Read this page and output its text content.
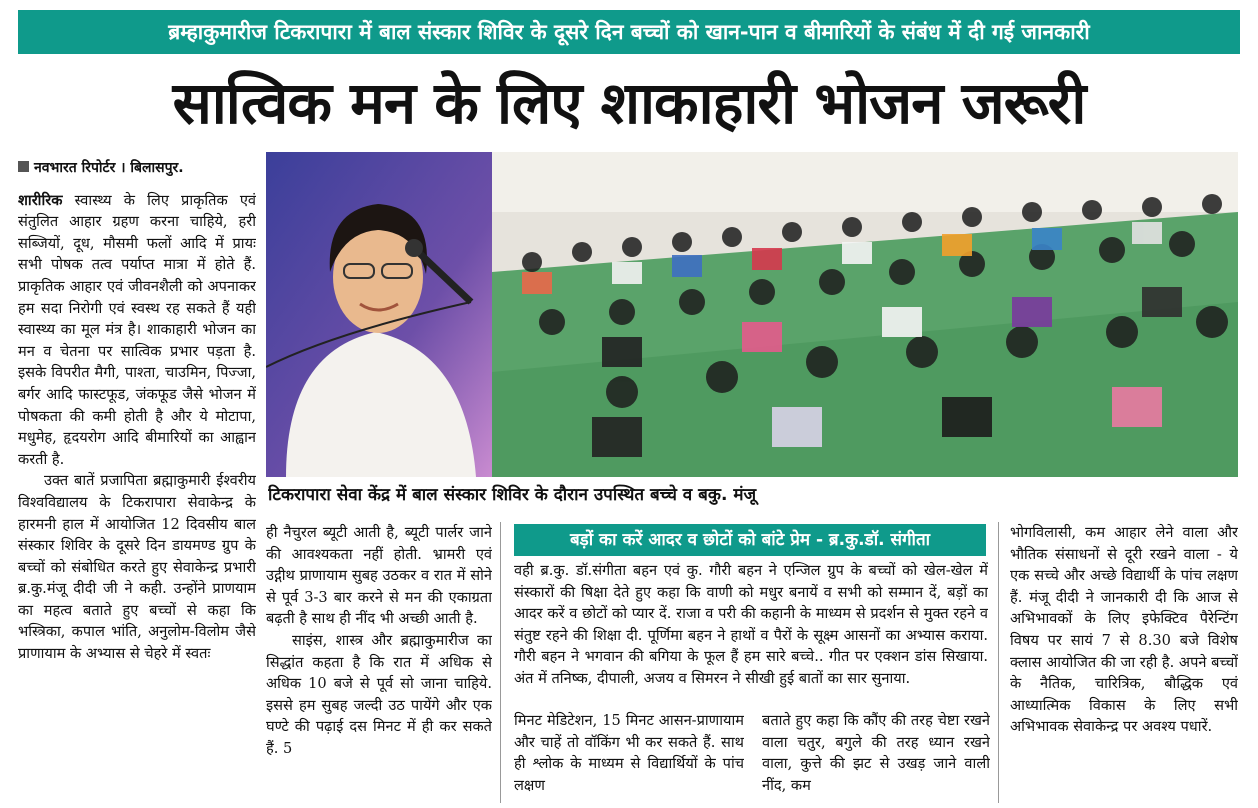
ब्रम्हाकुमारीज टिकरापारा में बाल संस्कार शिविर के दूसरे दिन बच्चों को खान-पान व बीमारियों के संबंध में दी गई जानकारी
सात्विक मन के लिए शाकाहारी भोजन जरूरी
नवभारत रिपोर्टर । बिलासपुर.

शारीरिक स्वास्थ्य के लिए प्राकृतिक एवं संतुलित आहार ग्रहण करना चाहिये, हरी सब्जियों, दूध, मौसमी फलों आदि में प्रायः सभी पोषक तत्व पर्याप्त मात्रा में होते हैं. प्राकृतिक आहार एवं जीवनशैली को अपनाकर हम सदा निरोगी एवं स्वस्थ रह सकते हैं यही स्वास्थ्य का मूल मंत्र है। शाकाहारी भोजन का मन व चेतना पर सात्विक प्रभार पड़ता है. इसके विपरीत मैगी, पाश्ता, चाउमिन, पिज्जा, बर्गर आदि फास्टफूड, जंकफूड जैसे भोजन में पोषकता की कमी होती है और ये मोटापा, मधुमेह, हृदयरोग आदि बीमारियों का आह्वान करती है.

उक्त बातें प्रजापिता ब्रह्माकुमारी ईश्वरीय विश्वविद्यालय के टिकरापारा सेवाकेन्द्र के हारमनी हाल में आयोजित 12 दिवसीय बाल संस्कार शिविर के दूसरे दिन डायमण्ड ग्रुप के बच्चों को संबोधित करते हुए सेवाकेन्द्र प्रभारी ब्र.कु.मंजू दीदी जी ने कही. उन्होंने प्राणयाम का महत्व बताते हुए बच्चों से कहा कि भस्त्रिका, कपाल भांति, अनुलोम-विलोम जैसे प्राणायाम के अभ्यास से चेहरे में स्वतः

टिकरापारा सेवा केंद्र में बाल संस्कार शिविर के दौरान उपस्थित बच्चे व बकु. मंजू

ही नैचुरल ब्यूटी आती है, ब्यूटी पार्लर जाने की आवश्यकता नहीं होती. भ्रामरी एवं उद्गीथ प्राणायाम सुबह उठकर व रात में सोने से पूर्व 3-3 बार करने से मन की एकाग्रता बढ़ती है साथ ही नींद भी अच्छी आती है.

साइंस, शास्त्र और ब्रह्माकुमारीज का सिद्धांत कहता है कि रात में अधिक से अधिक 10 बजे से पूर्व सो जाना चाहिये. इससे हम सुबह जल्दी उठ पायेंगे और एक घण्टे की पढ़ाई दस मिनट में ही कर सकते हैं. 5

बड़ों का करें आदर व छोटों को बांटे प्रेम - ब्र.कु.डॉ. संगीता

वही ब्र.कु. डॉ.संगीता बहन एवं कु. गौरी बहन ने एन्जिल ग्रुप के बच्चों को खेल-खेल में संस्कारों की षिक्षा देते हुए कहा कि वाणी को मधुर बनायें व सभी को सम्मान दें, बड़ों का आदर करें व छोटों को प्यार दें. राजा व परी की कहानी के माध्यम से प्रदर्शन से मुक्त रहने व संतुष्ट रहने की शिक्षा दी. पूर्णिमा बहन ने हाथों व पैरों के सूक्ष्म आसनों का अभ्यास कराया. गौरी बहन ने भगवान की बगिया के फूल हैं हम सारे बच्चे.. गीत पर एक्शन डांस सिखाया. अंत में तनिष्क, दीपाली, अजय व सिमरन ने सीखी हुई बातों का सार सुनाया.

मिनट मेडिटेशन, 15 मिनट आसन-प्राणायाम और चाहें तो वॉकिंग भी कर सकते हैं. साथ ही श्लोक के माध्यम से विद्यार्थियों के पांच लक्षण

बताते हुए कहा कि कौंए की तरह चेष्टा रखने वाला चतुर, बगुले की तरह ध्यान रखने वाला, कुत्ते की झट से उखड़ जाने वाली नींद, कम

भोगविलासी, कम आहार लेने वाला और भौतिक संसाधनों से दूरी रखने वाला - ये एक सच्चे और अच्छे विद्यार्थी के पांच लक्षण हैं. मंजू दीदी ने जानकारी दी कि आज से अभिभावकों के लिए इफेक्टिव पैरेन्टिंग विषय पर सायं 7 से 8.30 बजे विशेष क्लास आयोजित की जा रही है. अपने बच्चों के नैतिक, चारित्रिक, बौद्धिक एवं आध्यात्मिक विकास के लिए सभी अभिभावक सेवाकेन्द्र पर अवश्य पधारें.
